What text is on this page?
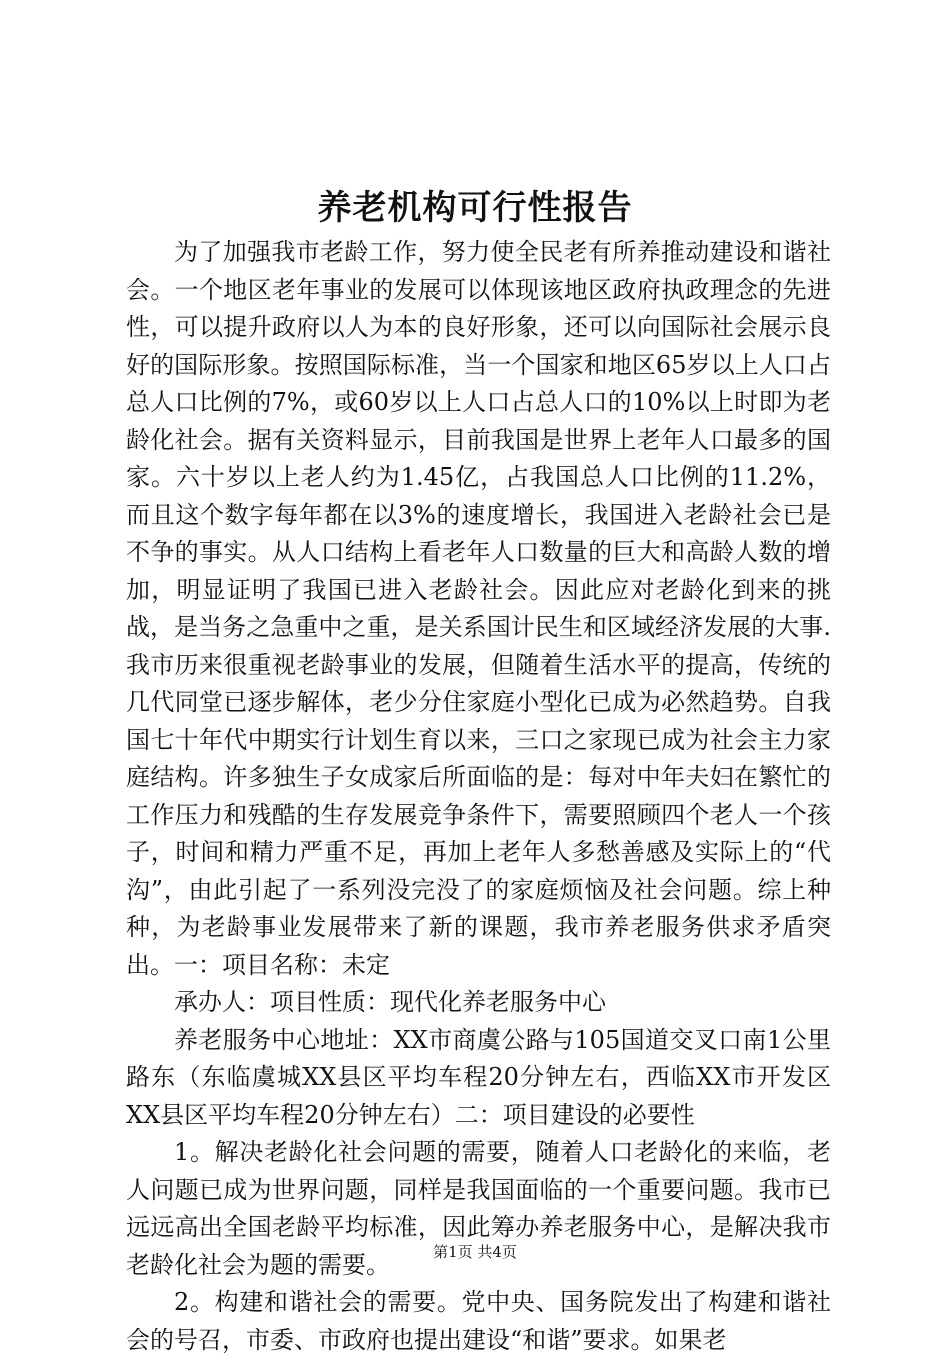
养老机构可行性报告

为了加强我市老龄工作，努力使全民老有所养推动建设和谐社会。一个地区老年事业的发展可以体现该地区政府执政理念的先进性，可以提升政府以人为本的良好形象，还可以向国际社会展示良好的国际形象。按照国际标准，当一个国家和地区65岁以上人口占总人口比例的7%，或60岁以上人口占总人口的10%以上时即为老龄化社会。据有关资料显示，目前我国是世界上老年人口最多的国家。六十岁以上老人约为1.45亿，占我国总人口比例的11.2%，而且这个数字每年都在以3%的速度增长，我国进入老龄社会已是不争的事实。从人口结构上看老年人口数量的巨大和高龄人数的增加，明显证明了我国已进入老龄社会。因此应对老龄化到来的挑战，是当务之急重中之重，是关系国计民生和区域经济发展的大事.我市历来很重视老龄事业的发展，但随着生活水平的提高，传统的几代同堂已逐步解体，老少分住家庭小型化已成为必然趋势。自我国七十年代中期实行计划生育以来，三口之家现已成为社会主力家庭结构。许多独生子女成家后所面临的是：每对中年夫妇在繁忙的工作压力和残酷的生存发展竞争条件下，需要照顾四个老人一个孩子，时间和精力严重不足，再加上老年人多愁善感及实际上的“代沟”，由此引起了一系列没完没了的家庭烦恼及社会问题。综上种种，为老龄事业发展带来了新的课题，我市养老服务供求矛盾突出。一：项目名称：未定

承办人：项目性质：现代化养老服务中心

养老服务中心地址：XX市商虞公路与105国道交叉口南1公里路东（东临虞城XX县区平均车程20分钟左右，西临XX市开发区XX县区平均车程20分钟左右）二：项目建设的必要性

1。解决老龄化社会问题的需要，随着人口老龄化的来临，老人问题已成为世界问题，同样是我国面临的一个重要问题。我市已远远高出全国老龄平均标准，因此筹办养老服务中心，是解决我市老龄化社会为题的需要。

2。构建和谐社会的需要。党中央、国务院发出了构建和谐社会的号召，市委、市政府也提出建设“和谐”要求。如果老

第1页 共4页
